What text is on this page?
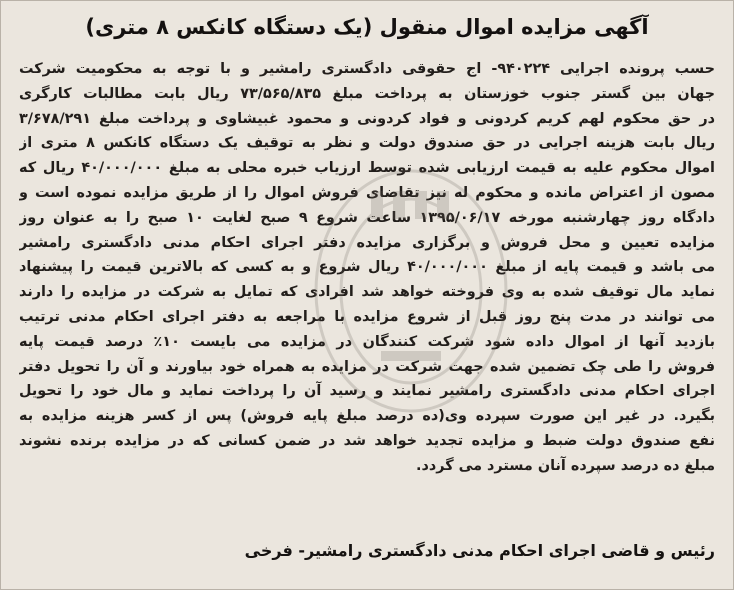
آگهی مزایده اموال منقول (یک دستگاه کانکس ۸ متری)
حسب پرونده اجرایی ۹۴۰۲۲۴- اج حقوقی دادگستری رامشیر و با توجه به محکومیت شرکت
جهان بین گستر جنوب خوزستان به پرداخت مبلغ ۷۳/۵۶۵/۸۳۵ ریال بابت مطالبات کارگری
در حق محکوم لهم کریم کردونی و فواد کردونی و محمود غبیشاوی و پرداخت مبلغ ۳/۶۷۸/۲۹۱
ریال بابت هزینه اجرایی در حق صندوق دولت و نظر به توقیف یک دستگاه کانکس ۸ متری از
اموال محکوم علیه به قیمت ارزیابی شده توسط ارزیاب خبره محلی به مبلغ ۴۰/۰۰۰/۰۰۰ ریال که
مصون از اعتراض مانده و محکوم له نیز تقاضای فروش اموال را از طریق مزایده نموده است و
دادگاه روز چهارشنبه مورخه ۱۳۹۵/۰۶/۱۷ ساعت شروع ۹ صبح لغایت ۱۰ صبح را به عنوان روز
مزایده تعیین و محل فروش و برگزاری مزایده دفتر اجرای احکام مدنی دادگستری رامشیر
می باشد و قیمت پایه از مبلغ ۴۰/۰۰۰/۰۰۰ ریال شروع و به کسی که بالاترین قیمت را پیشنهاد
نماید مال توقیف شده به وی فروخته خواهد شد افرادی که تمایل به شرکت در مزایده را دارند
می توانند در مدت پنج روز قبل از شروع مزایده با مراجعه به دفتر اجرای احکام مدنی ترتیب
بازدید آنها از اموال داده شود شرکت کنندگان در مزایده می بایست ۱۰٪ درصد قیمت پایه
فروش را طی چک تضمین شده جهت شرکت در مزایده به همراه خود بیاورند و آن را تحویل دفتر
اجرای احکام مدنی دادگستری رامشیر نمایند و رسید آن را پرداخت نماید و مال خود را تحویل
بگیرد. در غیر این صورت سپرده وی(ده درصد مبلغ پایه فروش) پس از کسر هزینه مزایده به
نفع صندوق دولت ضبط و مزایده تجدید خواهد شد در ضمن کسانی که در مزایده برنده نشوند
مبلغ ده درصد سپرده آنان مسترد می گردد.
رئیس و قاضی اجرای احکام مدنی دادگستری رامشیر- فرخی
